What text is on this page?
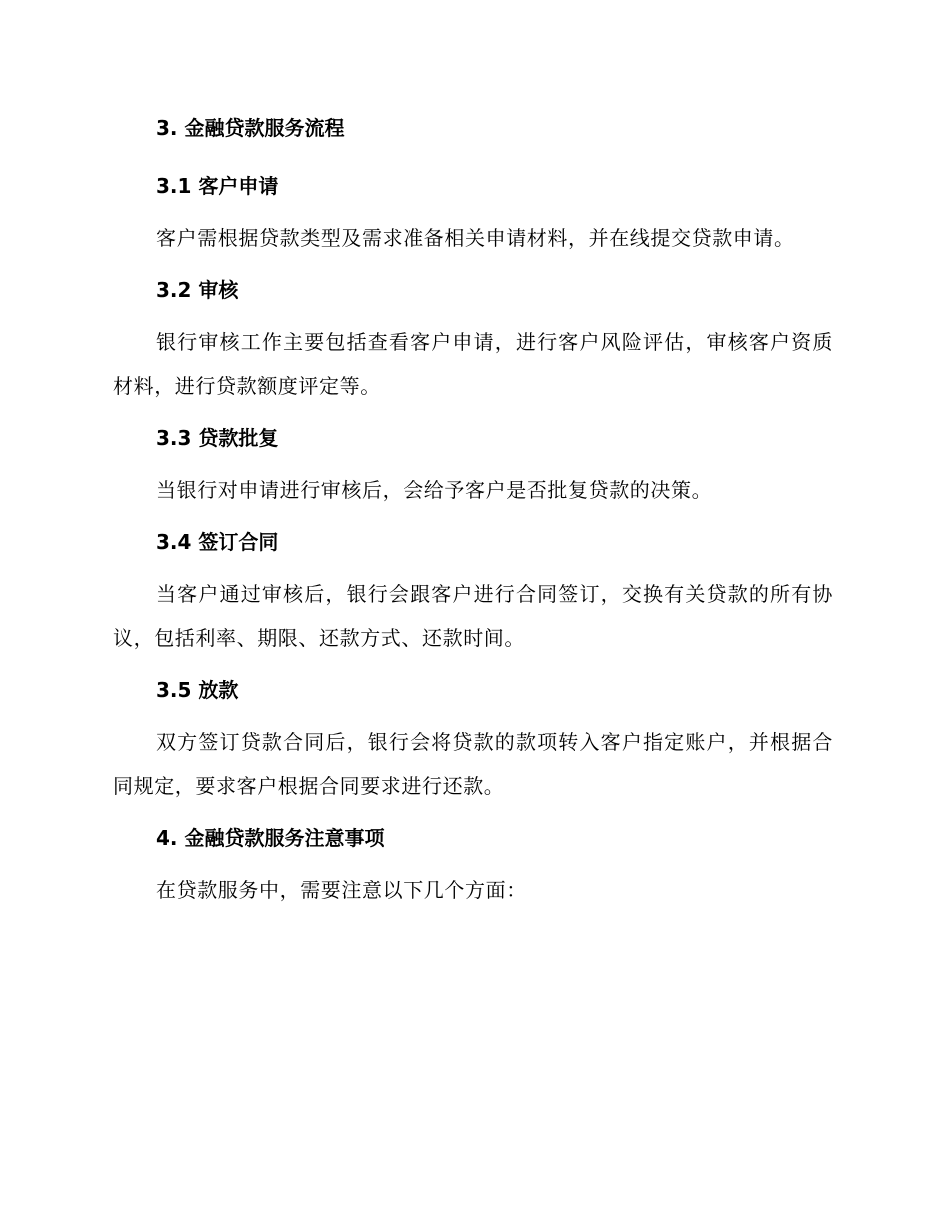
3. 金融贷款服务流程
3.1 客户申请

客户需根据贷款类型及需求准备相关申请材料，并在线提交贷款申请。

3.2 审核

银行审核工作主要包括查看客户申请，进行客户风险评估，审核客户资质材料，进行贷款额度评定等。

3.3 贷款批复

当银行对申请进行审核后，会给予客户是否批复贷款的决策。

3.4 签订合同

当客户通过审核后，银行会跟客户进行合同签订，交换有关贷款的所有协议，包括利率、期限、还款方式、还款时间。

3.5 放款

双方签订贷款合同后，银行会将贷款的款项转入客户指定账户，并根据合同规定，要求客户根据合同要求进行还款。

4. 金融贷款服务注意事项

在贷款服务中，需要注意以下几个方面：
